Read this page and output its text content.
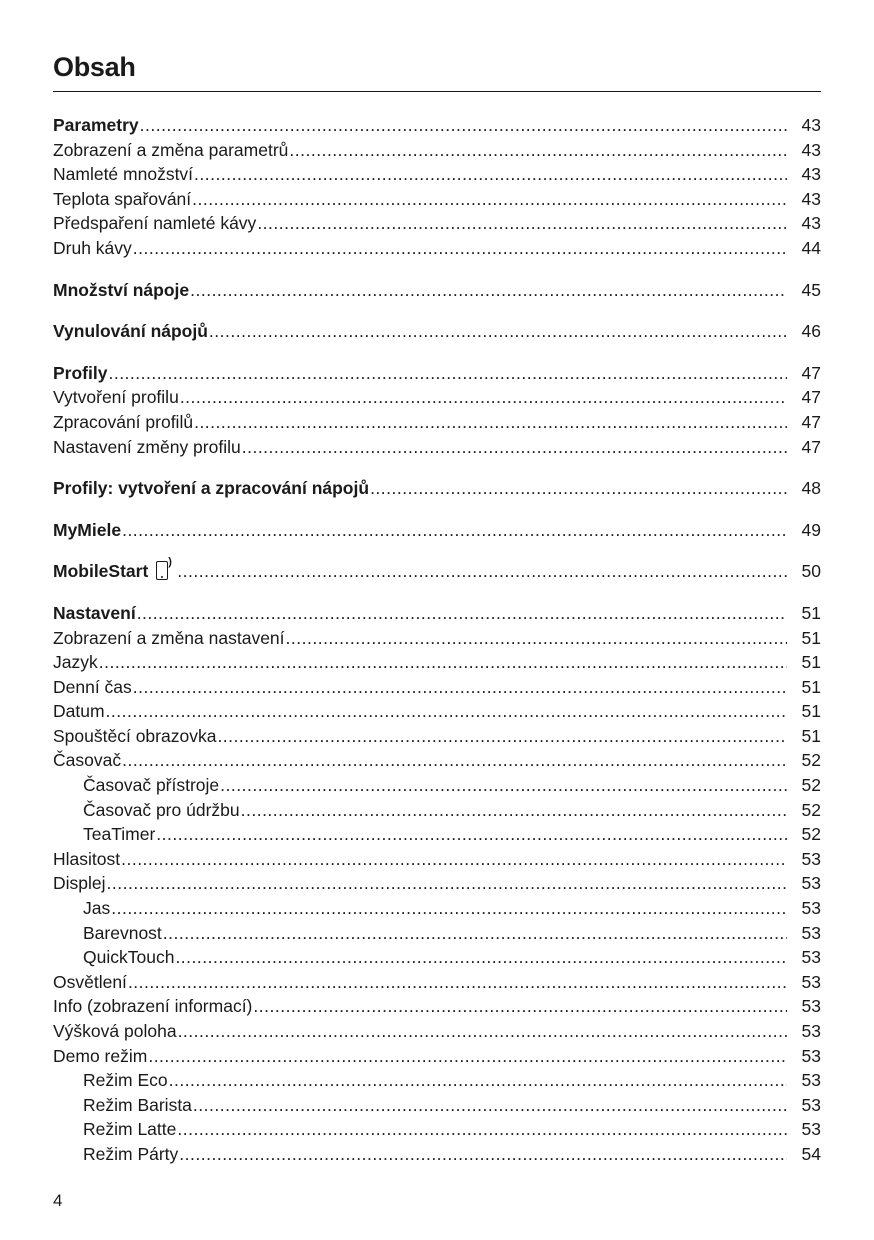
Obsah
Parametry .....	43
Zobrazení a změna parametrů .....	43
Namleté množství .....	43
Teplota spařování .....	43
Předspaření namleté kávy .....	43
Druh kávy .....	44
Množství nápoje .....	45
Vynulování nápojů .....	46
Profily .....	47
Vytvoření profilu .....	47
Zpracování profilů .....	47
Nastavení změny profilu .....	47
Profily: vytvoření a zpracování nápojů .....	48
MyMiele .....	49
MobileStart ) .....	50
Nastavení .....	51
Zobrazení a změna nastavení .....	51
Jazyk .....	51
Denní čas .....	51
Datum .....	51
Spouštěcí obrazovka .....	51
Časovač .....	52
Časovač přístroje .....	52
Časovač pro údržbu .....	52
TeaTimer .....	52
Hlasitost .....	53
Displej .....	53
Jas .....	53
Barevnost .....	53
QuickTouch .....	53
Osvětlení .....	53
Info (zobrazení informací) .....	53
Výšková poloha .....	53
Demo režim .....	53
Režim Eco .....	53
Režim Barista .....	53
Režim Latte .....	53
Režim Párty .....	54
4
